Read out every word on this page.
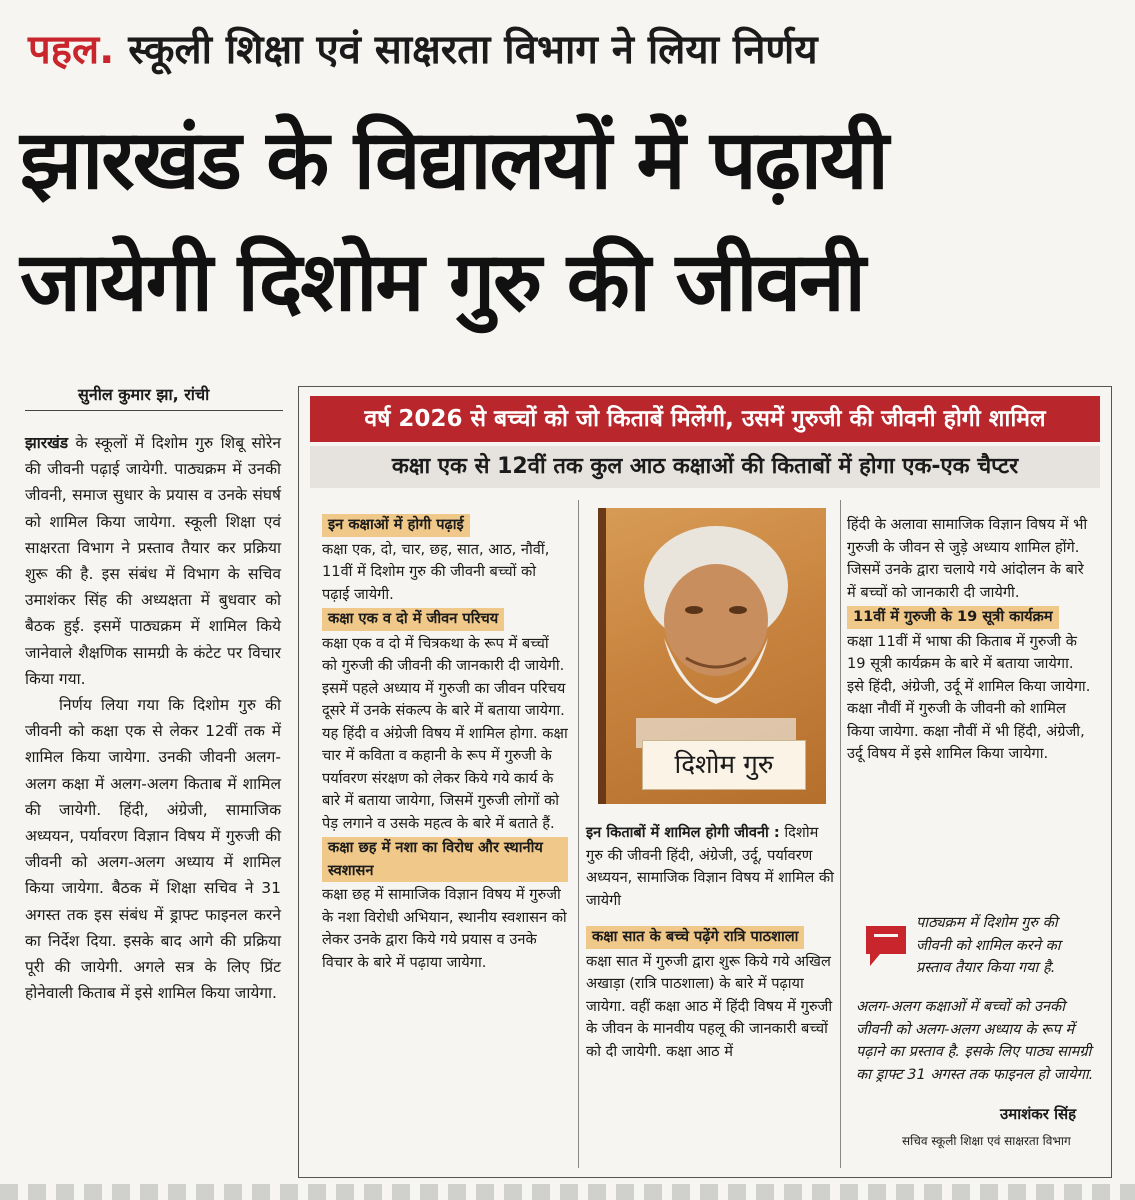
पहल. स्कूली शिक्षा एवं साक्षरता विभाग ने लिया निर्णय
झारखंड के विद्यालयों में पढ़ायी
जायेगी दिशोम गुरु की जीवनी
सुनील कुमार झा, रांची

झारखंड के स्कूलों में दिशोम गुरु शिबू सोरेन की जीवनी पढ़ाई जायेगी. पाठ्यक्रम में उनकी जीवनी, समाज सुधार के प्रयास व उनके संघर्ष को शामिल किया जायेगा. स्कूली शिक्षा एवं साक्षरता विभाग ने प्रस्ताव तैयार कर प्रक्रिया शुरू की है. इस संबंध में विभाग के सचिव उमाशंकर सिंह की अध्यक्षता में बुधवार को बैठक हुई. इसमें पाठ्यक्रम में शामिल किये जानेवाले शैक्षणिक सामग्री के कंटेट पर विचार किया गया.

निर्णय लिया गया कि दिशोम गुरु की जीवनी को कक्षा एक से लेकर 12वीं तक में शामिल किया जायेगा. उनकी जीवनी अलग-अलग कक्षा में अलग-अलग किताब में शामिल की जायेगी. हिंदी, अंग्रेजी, सामाजिक अध्ययन, पर्यावरण विज्ञान विषय में गुरुजी की जीवनी को अलग-अलग अध्याय में शामिल किया जायेगा. बैठक में शिक्षा सचिव ने 31 अगस्त तक इस संबंध में ड्राफ्ट फाइनल करने का निर्देश दिया. इसके बाद आगे की प्रक्रिया पूरी की जायेगी. अगले सत्र के लिए प्रिंट होनेवाली किताब में इसे शामिल किया जायेगा.

वर्ष 2026 से बच्चों को जो किताबें मिलेंगी, उसमें गुरुजी की जीवनी होगी शामिल
कक्षा एक से 12वीं तक कुल आठ कक्षाओं की किताबों में होगा एक-एक चैप्टर
इन कक्षाओं में होगी पढ़ाई

कक्षा एक, दो, चार, छह, सात, आठ, नौवीं, 11वीं में दिशोम गुरु की जीवनी बच्चों को पढ़ाई जायेगी.

कक्षा एक व दो में जीवन परिचय

कक्षा एक व दो में चित्रकथा के रूप में बच्चों को गुरुजी की जीवनी की जानकारी दी जायेगी. इसमें पहले अध्याय में गुरुजी का जीवन परिचय दूसरे में उनके संकल्प के बारे में बताया जायेगा. यह हिंदी व अंग्रेजी विषय में शामिल होगा. कक्षा चार में कविता व कहानी के रूप में गुरुजी के पर्यावरण संरक्षण को लेकर किये गये कार्य के बारे में बताया जायेगा, जिसमें गुरुजी लोगों को पेड़ लगाने व उसके महत्व के बारे में बताते हैं.

कक्षा छह में नशा का विरोध और स्थानीय स्वशासन

कक्षा छह में सामाजिक विज्ञान विषय में गुरुजी के नशा विरोधी अभियान, स्थानीय स्वशासन को लेकर उनके द्वारा किये गये प्रयास व उनके विचार के बारे में पढ़ाया जायेगा.

दिशोम गुरु

इन किताबों में शामिल होगी जीवनी : दिशोम गुरु की जीवनी हिंदी, अंग्रेजी, उर्दू, पर्यावरण अध्ययन, सामाजिक विज्ञान विषय में शामिल की जायेगी

कक्षा सात के बच्चे पढ़ेंगे रात्रि पाठशाला

कक्षा सात में गुरुजी द्वारा शुरू किये गये अखिल अखाड़ा (रात्रि पाठशाला) के बारे में पढ़ाया जायेगा. वहीं कक्षा आठ में हिंदी विषय में गुरुजी के जीवन के मानवीय पहलू की जानकारी बच्चों को दी जायेगी. कक्षा आठ में

हिंदी के अलावा सामाजिक विज्ञान विषय में भी गुरुजी के जीवन से जुड़े अध्याय शामिल होंगे. जिसमें उनके द्वारा चलाये गये आंदोलन के बारे में बच्चों को जानकारी दी जायेगी.

11वीं में गुरुजी के 19 सूत्री कार्यक्रम

कक्षा 11वीं में भाषा की किताब में गुरुजी के 19 सूत्री कार्यक्रम के बारे में बताया जायेगा. इसे हिंदी, अंग्रेजी, उर्दू में शामिल किया जायेगा. कक्षा नौवीं में गुरुजी के जीवनी को शामिल किया जायेगा. कक्षा नौवीं में भी हिंदी, अंग्रेजी, उर्दू विषय में इसे शामिल किया जायेगा.

पाठ्यक्रम में दिशोम गुरु की जीवनी को शामिल करने का प्रस्ताव तैयार किया गया है.
अलग-अलग कक्षाओं में बच्चों को उनकी जीवनी को अलग-अलग अध्याय के रूप में पढ़ाने का प्रस्ताव है. इसके लिए पाठ्य सामग्री का ड्राफ्ट 31 अगस्त तक फाइनल हो जायेगा.
उमाशंकर सिंह
सचिव स्कूली शिक्षा एवं साक्षरता विभाग
